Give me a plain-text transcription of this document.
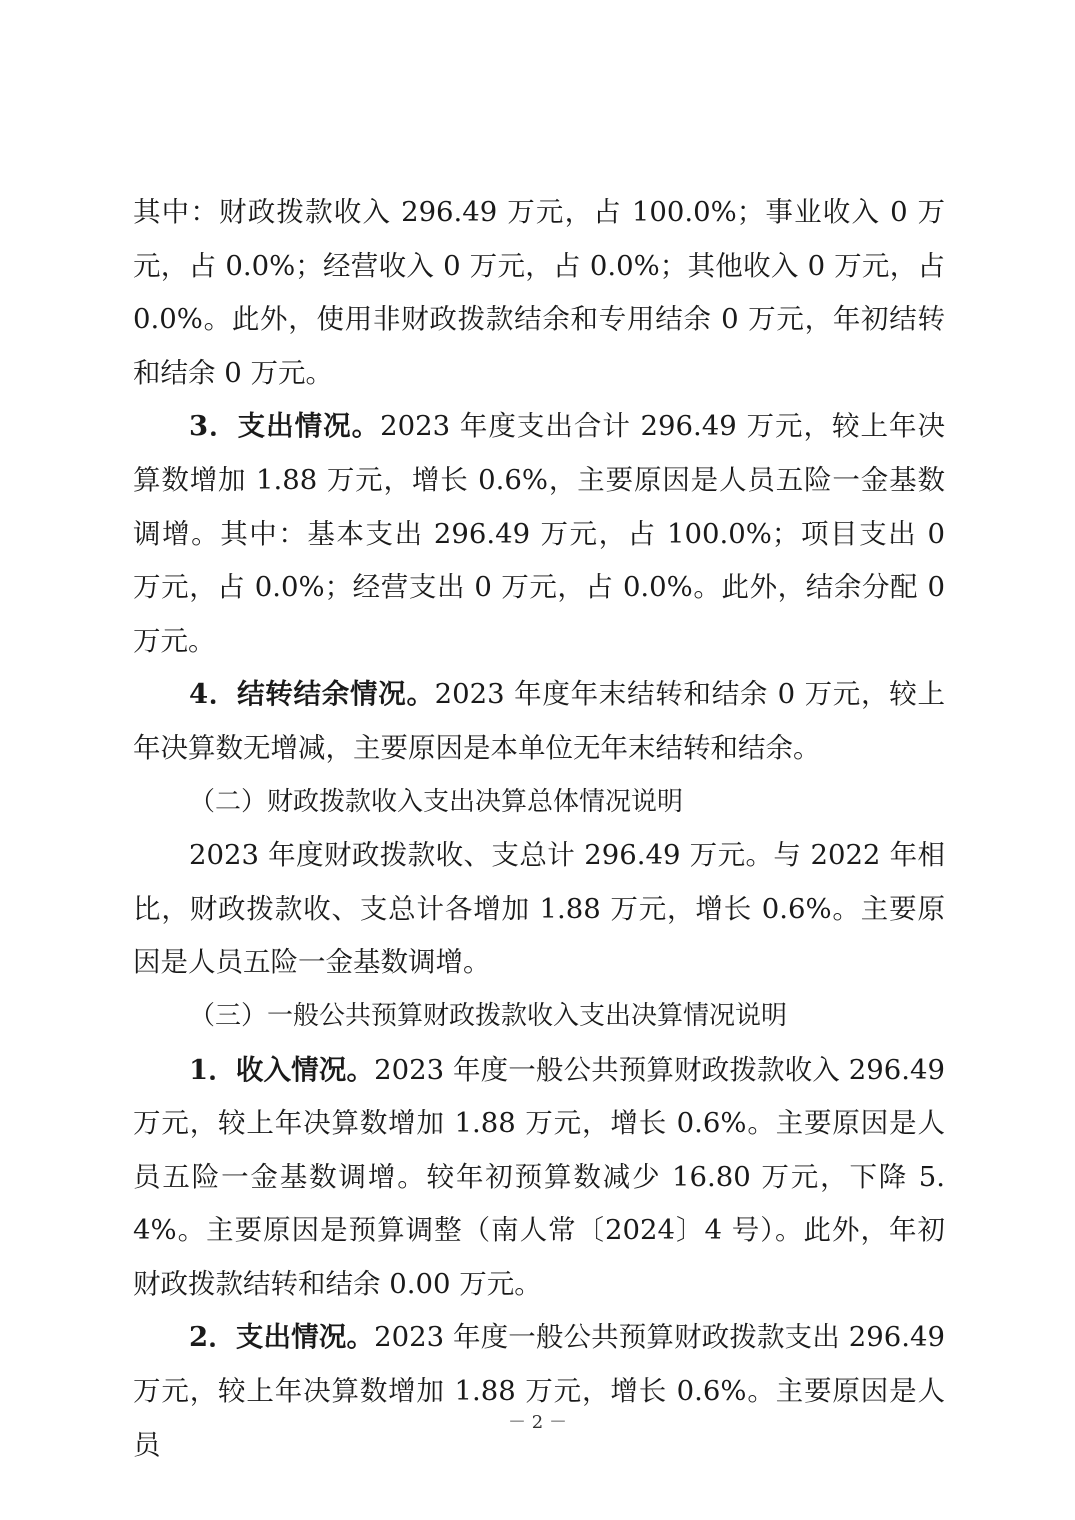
其中：财政拨款收入 296.49 万元，占 100.0%；事业收入 0 万元，占 0.0%；经营收入 0 万元，占 0.0%；其他收入 0 万元，占 0.0%。此外，使用非财政拨款结余和专用结余 0 万元，年初结转和结余 0 万元。

3．支出情况。2023 年度支出合计 296.49 万元，较上年决算数增加 1.88 万元，增长 0.6%，主要原因是人员五险一金基数调增。其中：基本支出 296.49 万元，占 100.0%；项目支出 0 万元，占 0.0%；经营支出 0 万元，占 0.0%。此外，结余分配 0 万元。

4．结转结余情况。2023 年度年末结转和结余 0 万元，较上年决算数无增减，主要原因是本单位无年末结转和结余。

（二）财政拨款收入支出决算总体情况说明

2023 年度财政拨款收、支总计 296.49 万元。与 2022 年相比，财政拨款收、支总计各增加 1.88 万元，增长 0.6%。主要原因是人员五险一金基数调增。

（三）一般公共预算财政拨款收入支出决算情况说明

1．收入情况。2023 年度一般公共预算财政拨款收入 296.49 万元，较上年决算数增加 1.88 万元，增长 0.6%。主要原因是人员五险一金基数调增。较年初预算数减少 16.80 万元，下降 5.4%。主要原因是预算调整（南人常〔2024〕4 号）。此外，年初财政拨款结转和结余 0.00 万元。

2．支出情况。2023 年度一般公共预算财政拨款支出 296.49 万元，较上年决算数增加 1.88 万元，增长 0.6%。主要原因是人员

－ 2 －
